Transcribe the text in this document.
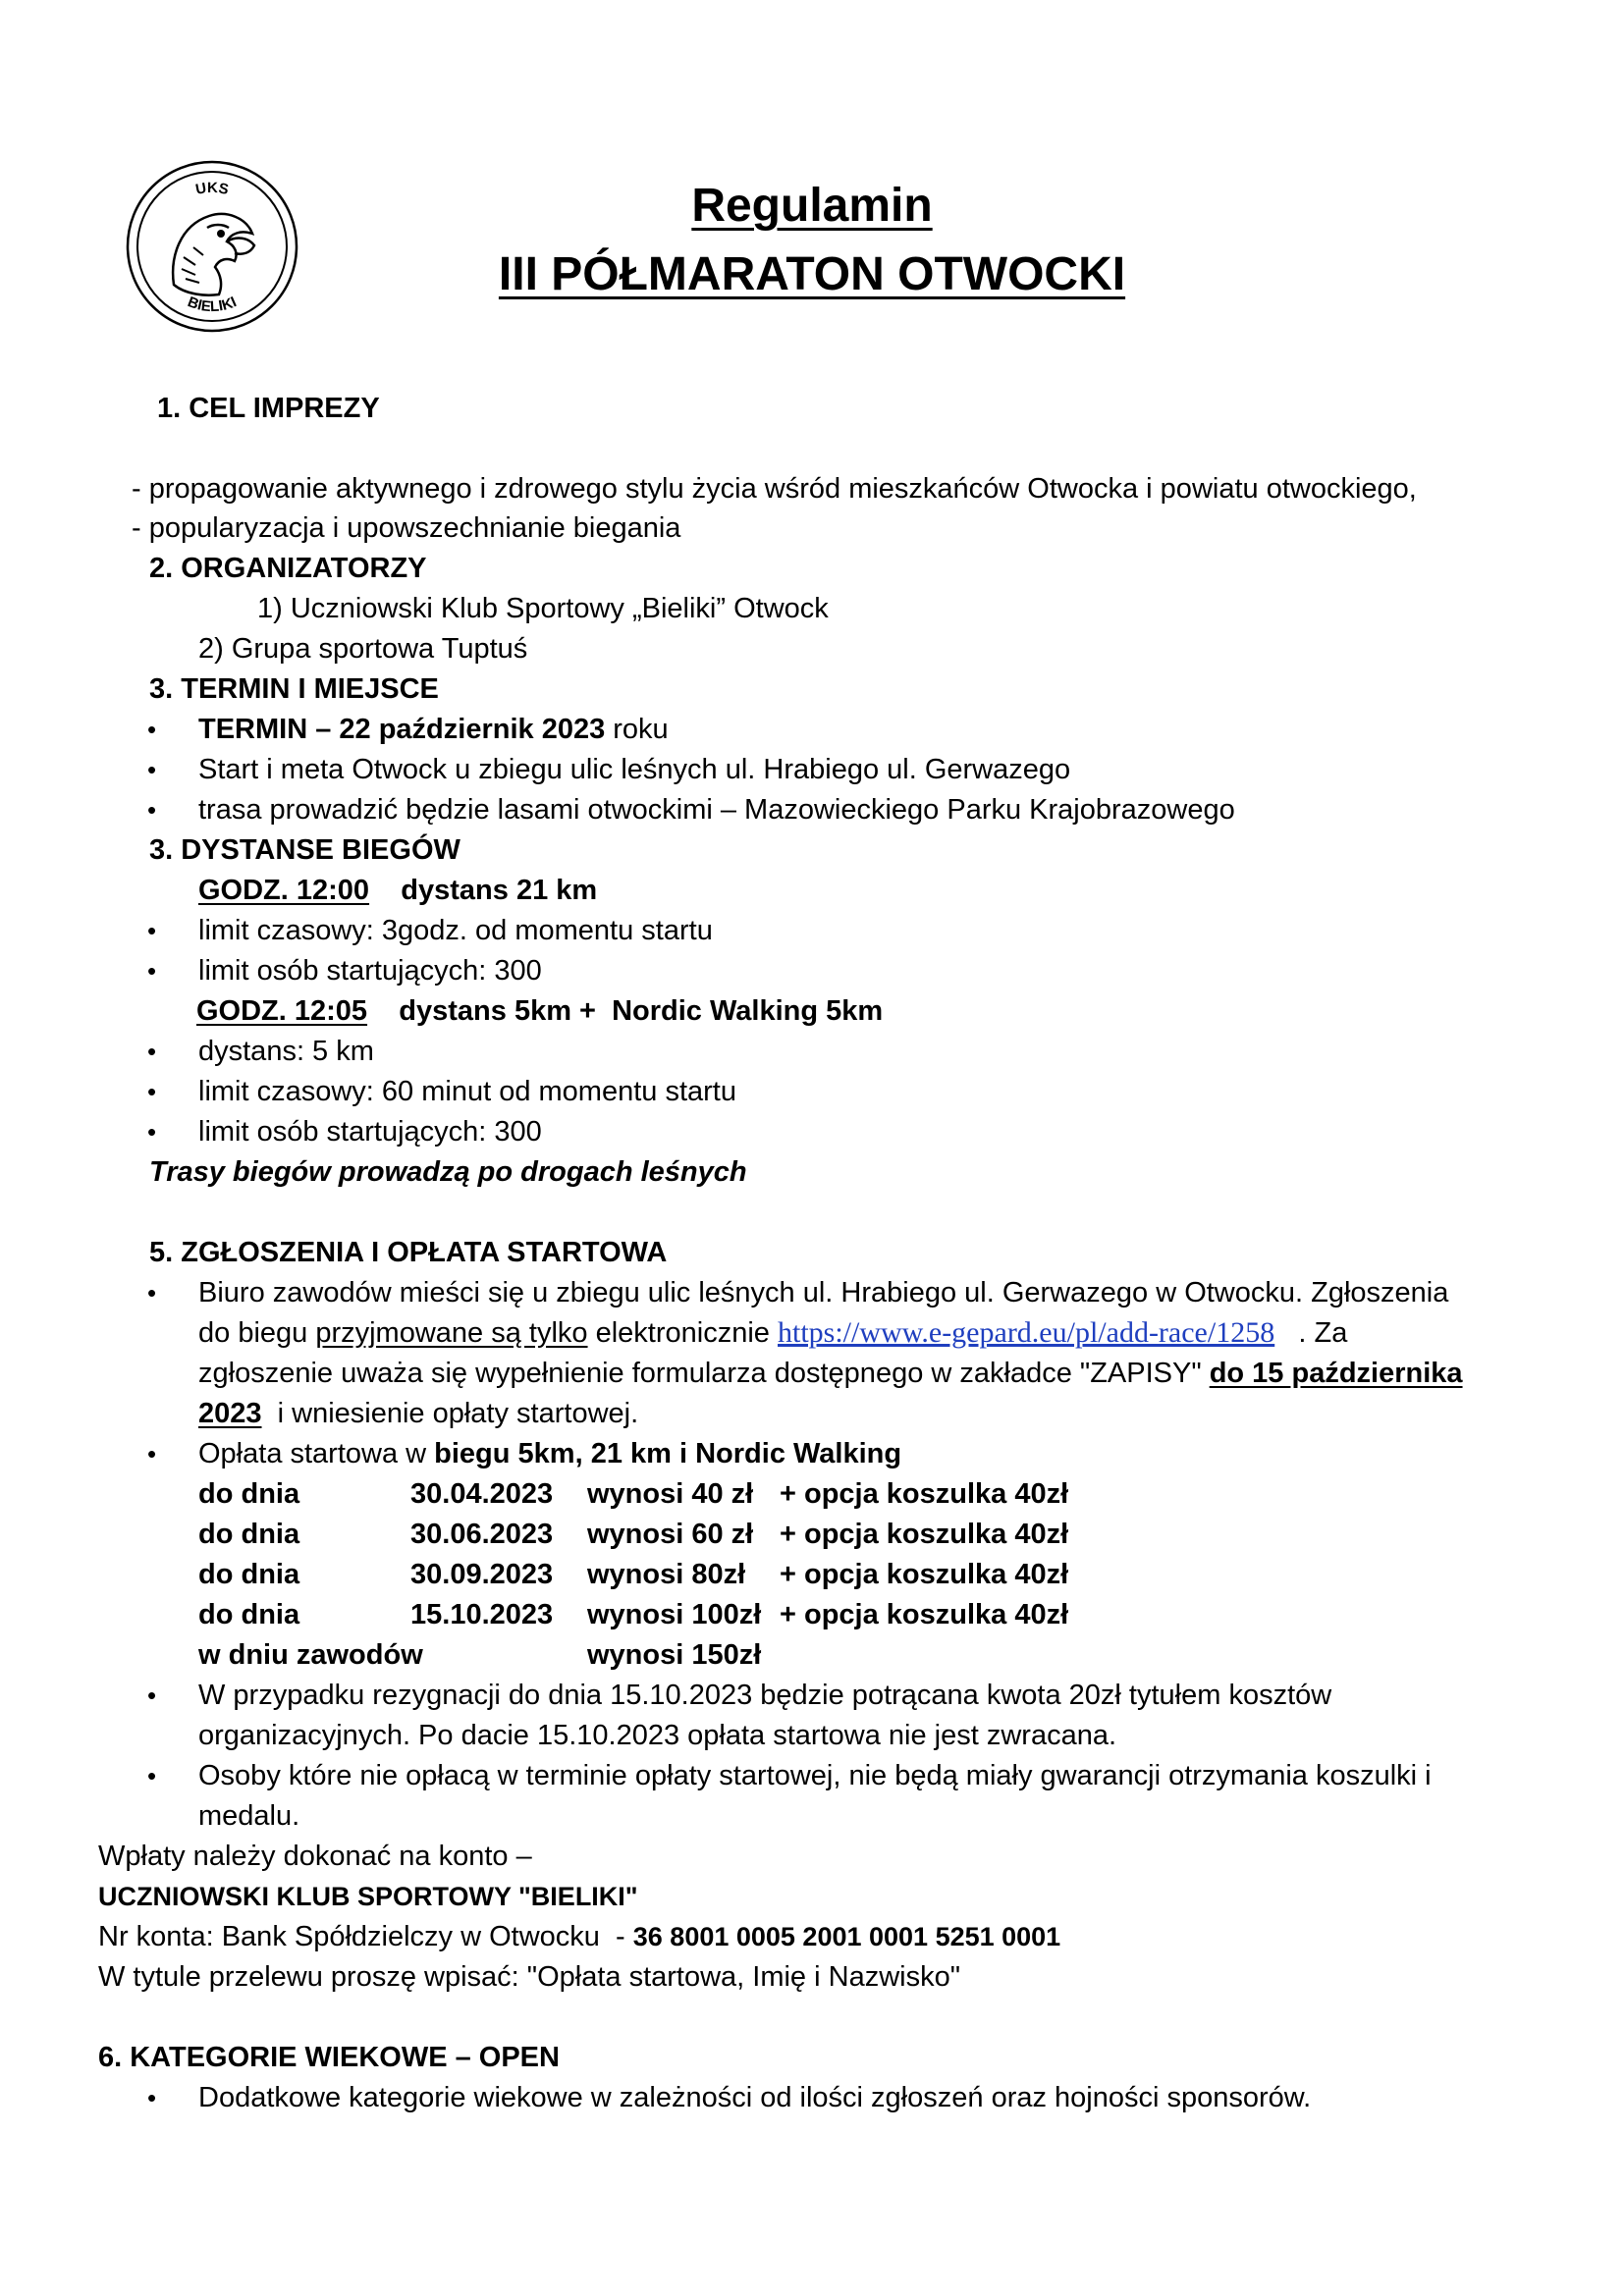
UKS
BIELIKI
Regulamin
III PÓŁMARATON OTWOCKI
1. CEL IMPREZY
- propagowanie aktywnego i zdrowego stylu życia wśród mieszkańców Otwocka i powiatu otwockiego,
- popularyzacja i upowszechnianie biegania
2. ORGANIZATORZY
1) Uczniowski Klub Sportowy „Bieliki” Otwock
2) Grupa sportowa Tuptuś
3. TERMIN I MIEJSCE
• TERMIN – 22 październik 2023 roku
• Start i meta Otwock u zbiegu ulic leśnych ul. Hrabiego ul. Gerwazego
• trasa prowadzić będzie lasami otwockimi – Mazowieckiego Parku Krajobrazowego
3. DYSTANSE BIEGÓW
GODZ. 12:00    dystans 21 km
• limit czasowy: 3godz. od momentu startu
• limit osób startujących: 300
GODZ. 12:05    dystans 5km +  Nordic Walking 5km
• dystans: 5 km
• limit czasowy: 60 minut od momentu startu
• limit osób startujących: 300
Trasy biegów prowadzą po drogach leśnych
5. ZGŁOSZENIA I OPŁATA STARTOWA
• Biuro zawodów mieści się u zbiegu ulic leśnych ul. Hrabiego ul. Gerwazego w Otwocku. Zgłoszenia
do biegu przyjmowane są tylko elektronicznie https://www.e-gepard.eu/pl/add-race/1258   . Za
zgłoszenie uważa się wypełnienie formularza dostępnego w zakładce "ZAPISY" do 15 października
2023  i wniesienie opłaty startowej.
• Opłata startowa w biegu 5km, 21 km i Nordic Walking
do dnia	30.04.2023 wynosi 40 zł + opcja koszulka 40zł
do dnia	30.06.2023 wynosi 60 zł + opcja koszulka 40zł
do dnia	30.09.2023 wynosi 80zł + opcja koszulka 40zł
do dnia	15.10.2023 wynosi 100zł + opcja koszulka 40zł
w dniu zawodów	wynosi 150zł
• W przypadku rezygnacji do dnia 15.10.2023 będzie potrącana kwota 20zł tytułem kosztów
organizacyjnych. Po dacie 15.10.2023 opłata startowa nie jest zwracana.
• Osoby które nie opłacą w terminie opłaty startowej, nie będą miały gwarancji otrzymania koszulki i
medalu.
Wpłaty należy dokonać na konto –
UCZNIOWSKI KLUB SPORTOWY "BIELIKI"
Nr konta: Bank Spółdzielczy w Otwocku  - 36 8001 0005 2001 0001 5251 0001
W tytule przelewu proszę wpisać: "Opłata startowa, Imię i Nazwisko"
6. KATEGORIE WIEKOWE – OPEN
• Dodatkowe kategorie wiekowe w zależności od ilości zgłoszeń oraz hojności sponsorów.
